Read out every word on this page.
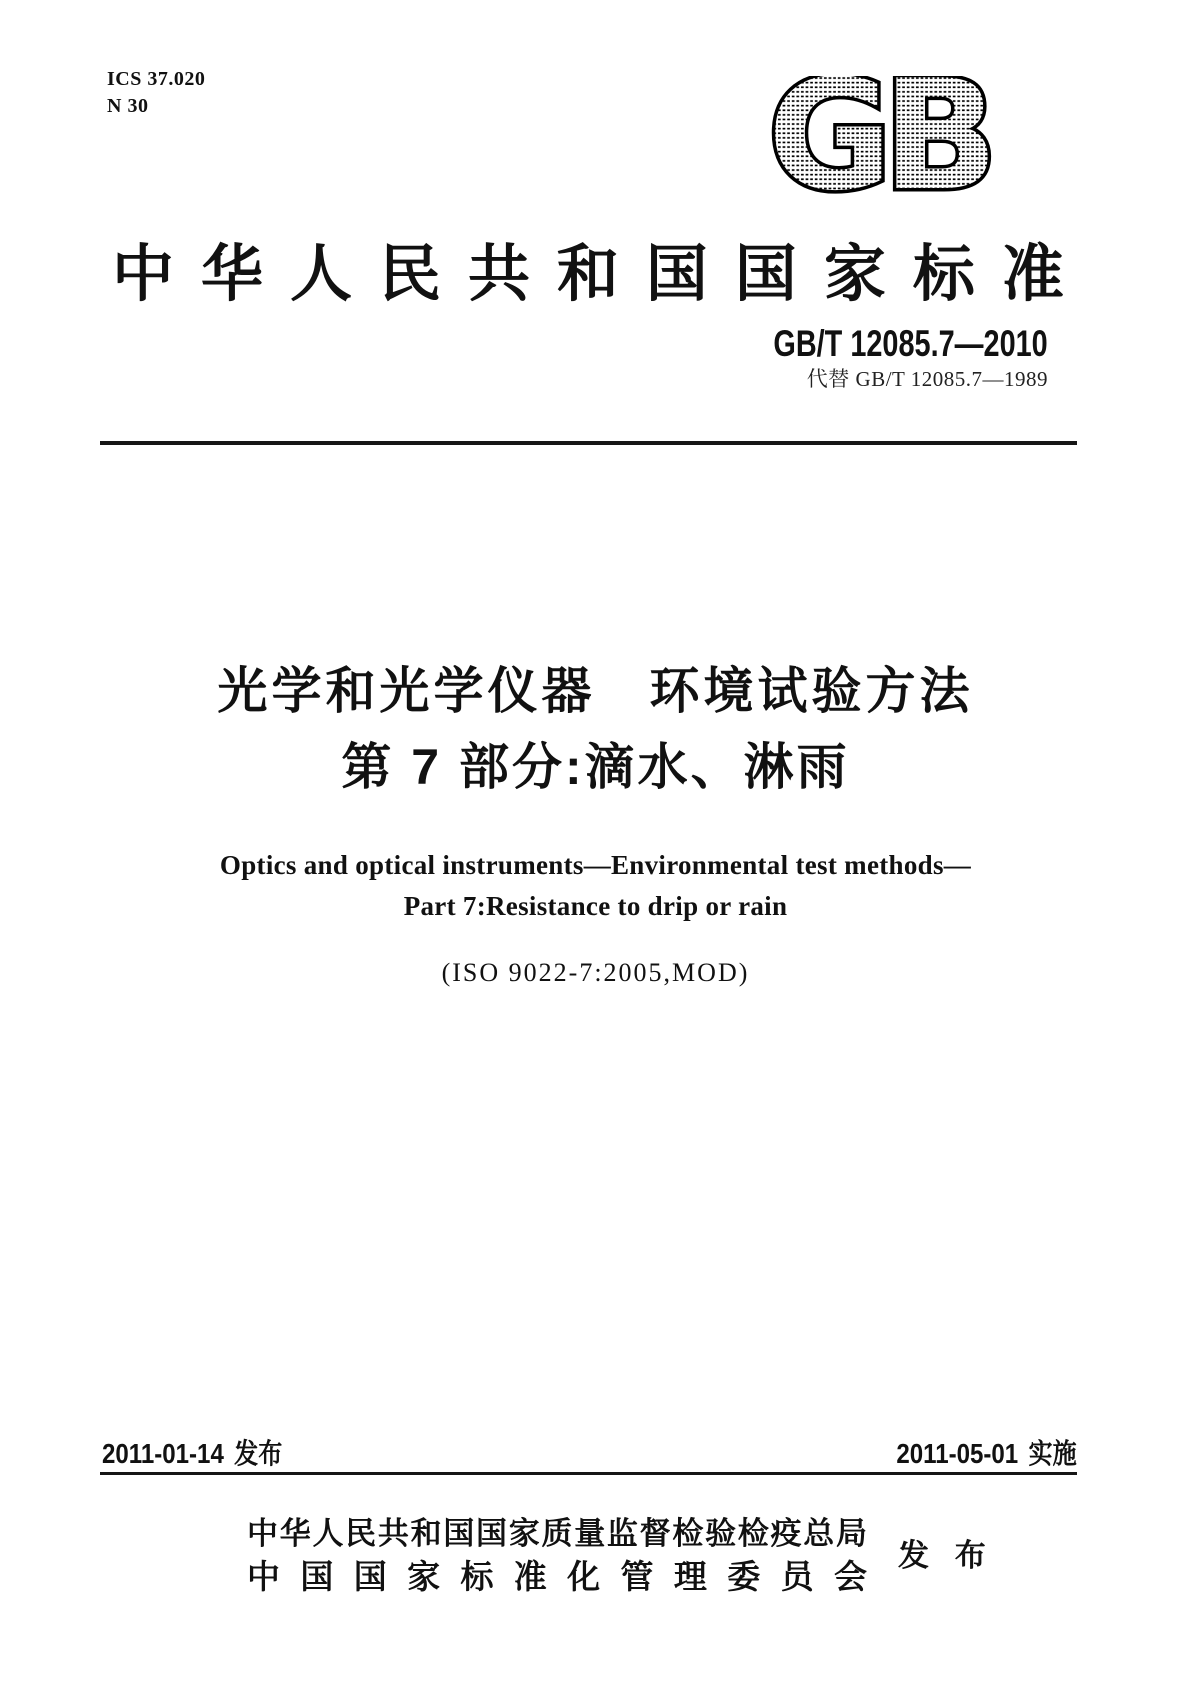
ICS 37.020
N 30	GB
中 华 人 民 共 和 国 国 家 标 准
GB/T 12085.7—2010
代替 GB/T 12085.7—1989
光学和光学仪器　环境试验方法
第 7 部分:滴水、淋雨
Optics and optical instruments—Environmental test methods—
Part 7:Resistance to drip or rain
(ISO 9022-7:2005,MOD)
2011-01-14 发布	2011-05-01 实施
中 华 人 民 共 和 国 国 家 质 量 监 督 检 验 检 疫 总 局
中 国 国 家 标 准 化 管 理 委 员 会
发 布
